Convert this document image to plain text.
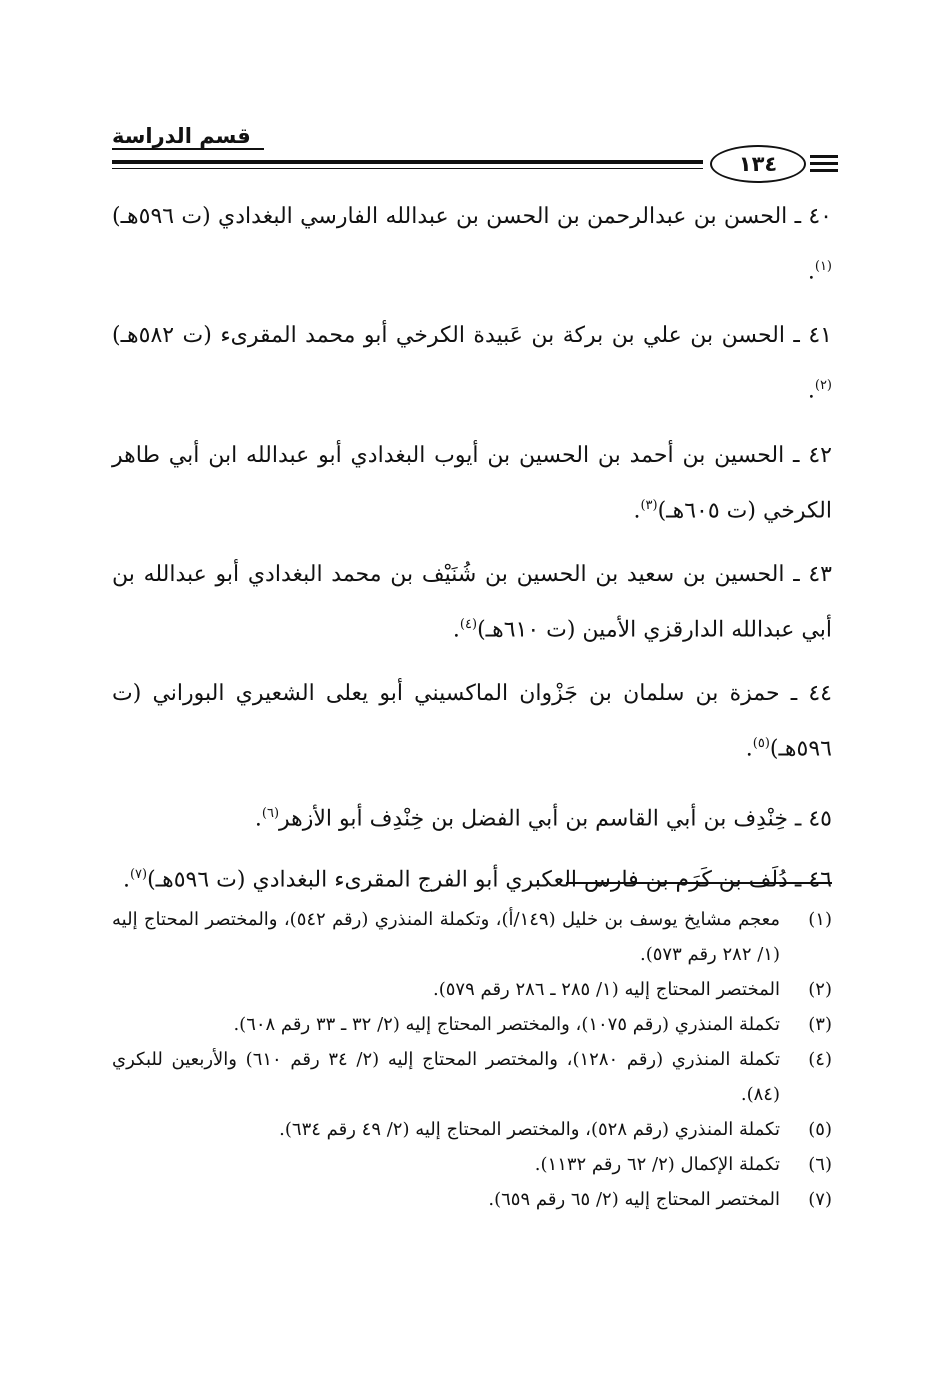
قسم الدراسة
١٣٤

٤٠ ـ الحسن بن عبدالرحمن بن الحسن بن عبدالله الفارسي البغدادي (ت ٥٩٦هـ)$^{(١)}$.

٤١ ـ الحسن بن علي بن بركة بن عَبيدة الكرخي أبو محمد المقرىء (ت ٥٨٢هـ)$^{(٢)}$.

٤٢ ـ الحسين بن أحمد بن الحسين بن أيوب البغدادي أبو عبدالله ابن أبي طاهر الكرخي (ت ٦٠٥هـ)$^{(٣)}$.

٤٣ ـ الحسين بن سعيد بن الحسين بن شُنَيْف بن محمد البغدادي أبو عبدالله بن أبي عبدالله الدارقزي الأمين (ت ٦١٠هـ)$^{(٤)}$.

٤٤ ـ حمزة بن سلمان بن جَزْوان الماكسيني أبو يعلى الشعيري البوراني (ت ٥٩٦هـ)$^{(٥)}$.

٤٥ ـ خِنْدِف بن أبي القاسم بن أبي الفضل بن خِنْدِف أبو الأزهر$^{(٦)}$.

٤٦ ـ دُلَف بن كَرَم بن فارس العكبري أبو الفرج المقرىء البغدادي (ت ٥٩٦هـ)$^{(٧)}$.

(١)
معجم مشايخ يوسف بن خليل (١٤٩/أ)، وتكملة المنذري (رقم ٥٤٢)، والمختصر المحتاج إليه (١/ ٢٨٢ رقم ٥٧٣).
(٢)
المختصر المحتاج إليه (١/ ٢٨٥ ـ ٢٨٦ رقم ٥٧٩).
(٣)
تكملة المنذري (رقم ١٠٧٥)، والمختصر المحتاج إليه (٢/ ٣٢ ـ ٣٣ رقم ٦٠٨).
(٤)
تكملة المنذري (رقم ١٢٨٠)، والمختصر المحتاج إليه (٢/ ٣٤ رقم ٦١٠) والأربعين للبكري (٨٤).
(٥)
تكملة المنذري (رقم ٥٢٨)، والمختصر المحتاج إليه (٢/ ٤٩ رقم ٦٣٤).
(٦)
تكملة الإكمال (٢/ ٦٢ رقم ١١٣٢).
(٧)
المختصر المحتاج إليه (٢/ ٦٥ رقم ٦٥٩).
